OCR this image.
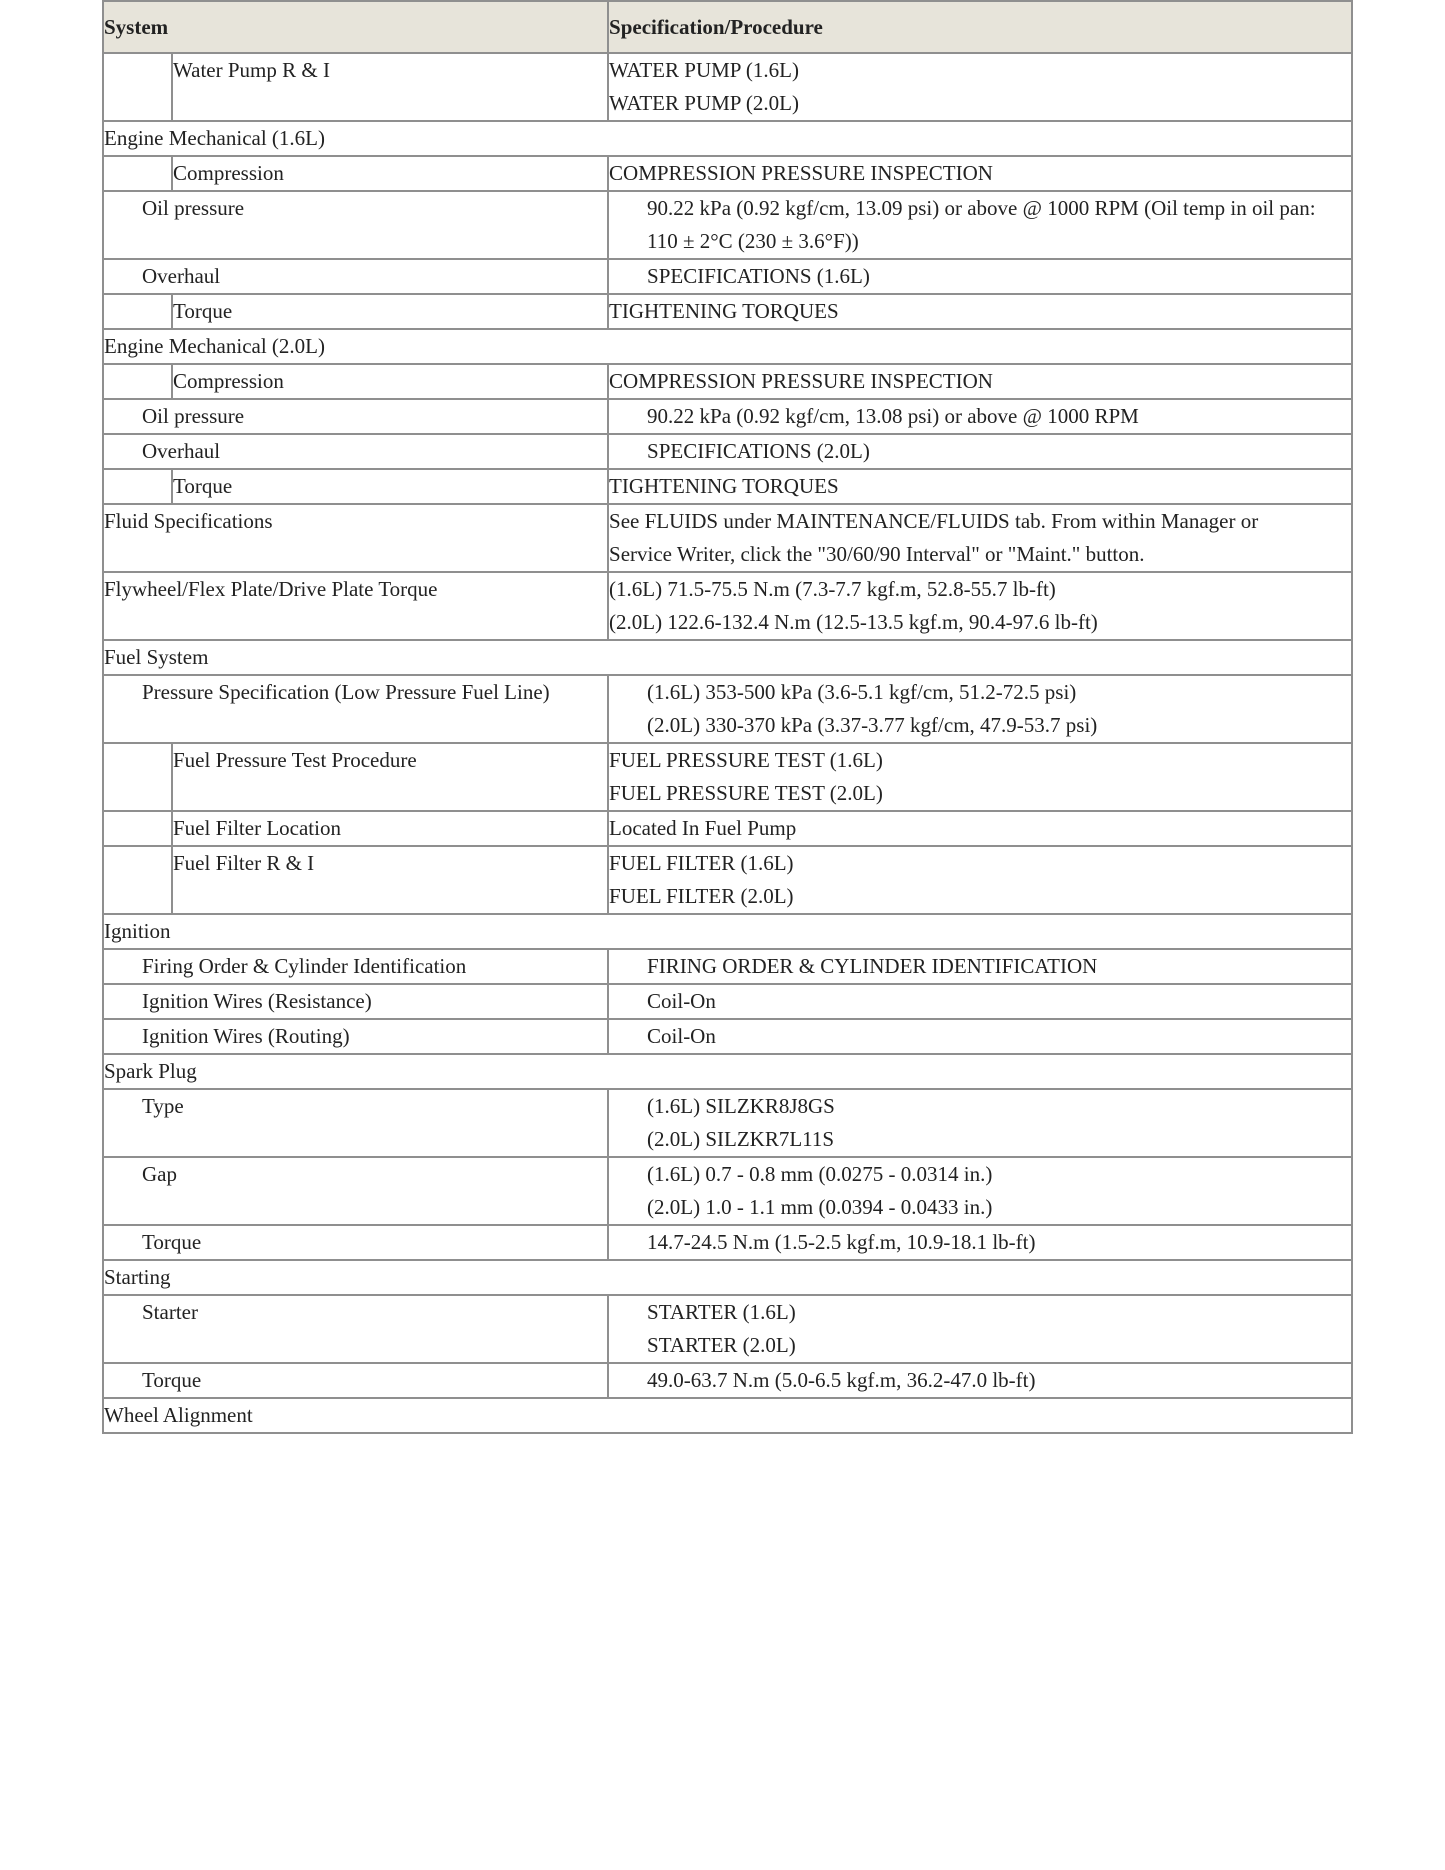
System		Specification/Procedure
	Water Pump R & I	WATER PUMP (1.6L)
WATER PUMP (2.0L)

Engine Mechanical (1.6L)		
	Compression	COMPRESSION PRESSURE INSPECTION
Oil pressure		90.22 kPa (0.92 kgf/cm, 13.09 psi) or above @ 1000 RPM (Oil temp in oil pan:
110 ± 2°C (230 ± 3.6°F))

Overhaul		SPECIFICATIONS (1.6L)
	Torque	TIGHTENING TORQUES
Engine Mechanical (2.0L)		
	Compression	COMPRESSION PRESSURE INSPECTION
Oil pressure		90.22 kPa (0.92 kgf/cm, 13.08 psi) or above @ 1000 RPM
Overhaul		SPECIFICATIONS (2.0L)
	Torque	TIGHTENING TORQUES
Fluid Specifications		See FLUIDS under MAINTENANCE/FLUIDS tab. From within Manager or
Service Writer, click the "30/60/90 Interval" or "Maint." button.

Flywheel/Flex Plate/Drive Plate Torque		(1.6L) 71.5-75.5 N.m (7.3-7.7 kgf.m, 52.8-55.7 lb-ft)
(2.0L) 122.6-132.4 N.m (12.5-13.5 kgf.m, 90.4-97.6 lb-ft)

Fuel System		
Pressure Specification (Low Pressure Fuel Line)		(1.6L) 353-500 kPa (3.6-5.1 kgf/cm, 51.2-72.5 psi)
(2.0L) 330-370 kPa (3.37-3.77 kgf/cm, 47.9-53.7 psi)

	Fuel Pressure Test Procedure	FUEL PRESSURE TEST (1.6L)
FUEL PRESSURE TEST (2.0L)

	Fuel Filter Location	Located In Fuel Pump
	Fuel Filter R & I	FUEL FILTER (1.6L)
FUEL FILTER (2.0L)

Ignition		
Firing Order & Cylinder Identification		FIRING ORDER & CYLINDER IDENTIFICATION
Ignition Wires (Resistance)		Coil-On
Ignition Wires (Routing)		Coil-On
Spark Plug		
Type		(1.6L) SILZKR8J8GS
(2.0L) SILZKR7L11S

Gap		(1.6L) 0.7 - 0.8 mm (0.0275 - 0.0314 in.)
(2.0L) 1.0 - 1.1 mm (0.0394 - 0.0433 in.)

Torque		14.7-24.5 N.m (1.5-2.5 kgf.m, 10.9-18.1 lb-ft)
Starting		
Starter		STARTER (1.6L)
STARTER (2.0L)

Torque		49.0-63.7 N.m (5.0-6.5 kgf.m, 36.2-47.0 lb-ft)
Wheel Alignment		
